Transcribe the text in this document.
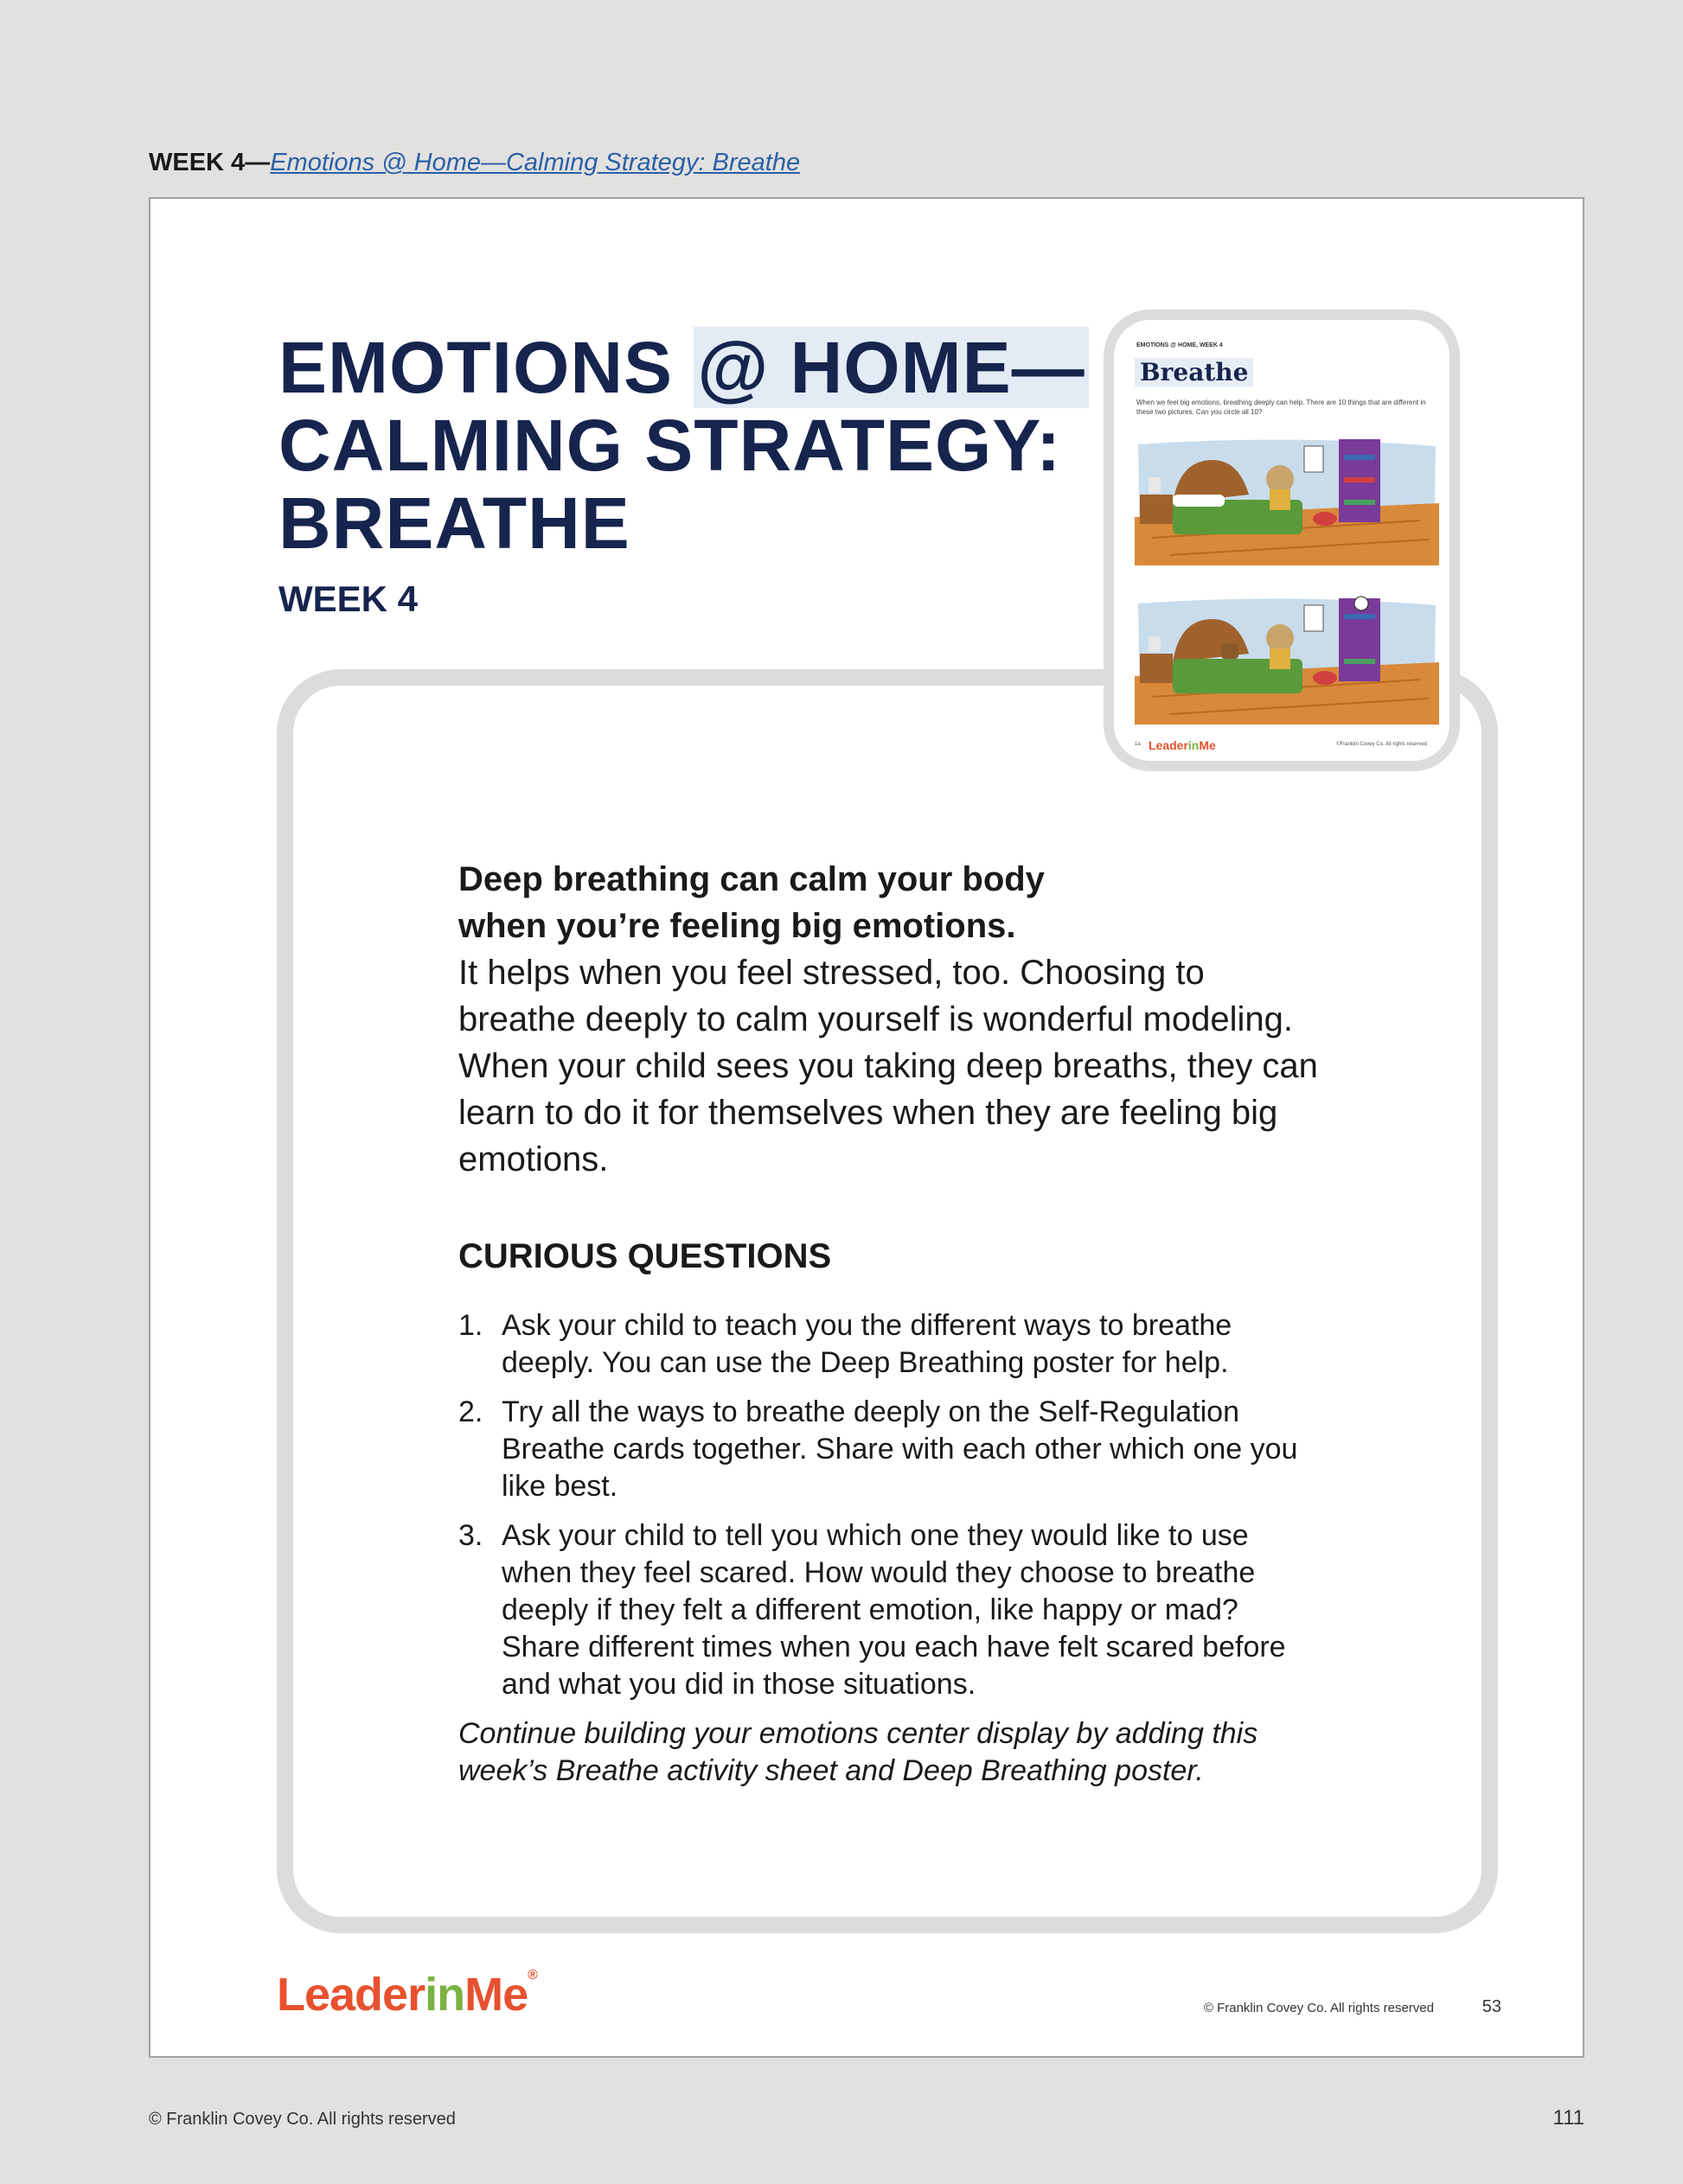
WEEK 4—Emotions @ Home—Calming Strategy: Breathe
EMOTIONS @ HOME—
CALMING STRATEGY:
BREATHE
WEEK 4
EMOTIONS @ HOME, WEEK 4
Breathe
When we feel big emotions, breathing deeply can help. There are 10 things that are different in these two pictures. Can you circle all 10?
1a LeaderinMe	©Franklin Covey Co. All rights reserved

Deep breathing can calm your body
when you’re feeling big emotions.

It helps when you feel stressed, too. Choosing to breathe deeply to calm yourself is wonderful modeling. When your child sees you taking deep breaths, they can learn to do it for themselves when they are feeling big emotions.

CURIOUS QUESTIONS
1. Ask your child to teach you the different ways to breathe deeply. You can use the Deep Breathing poster for help.
2. Try all the ways to breathe deeply on the Self-Regulation Breathe cards together. Share with each other which one you like best.
3. Ask your child to tell you which one they would like to use when they feel scared. How would they choose to breathe deeply if they felt a different emotion, like happy or mad? Share different times when you each have felt scared before and what you did in those situations.

Continue building your emotions center display by adding this week’s Breathe activity sheet and Deep Breathing poster.

LeaderinMe®
© Franklin Covey Co. All rights reserved	53
© Franklin Covey Co. All rights reserved	111
